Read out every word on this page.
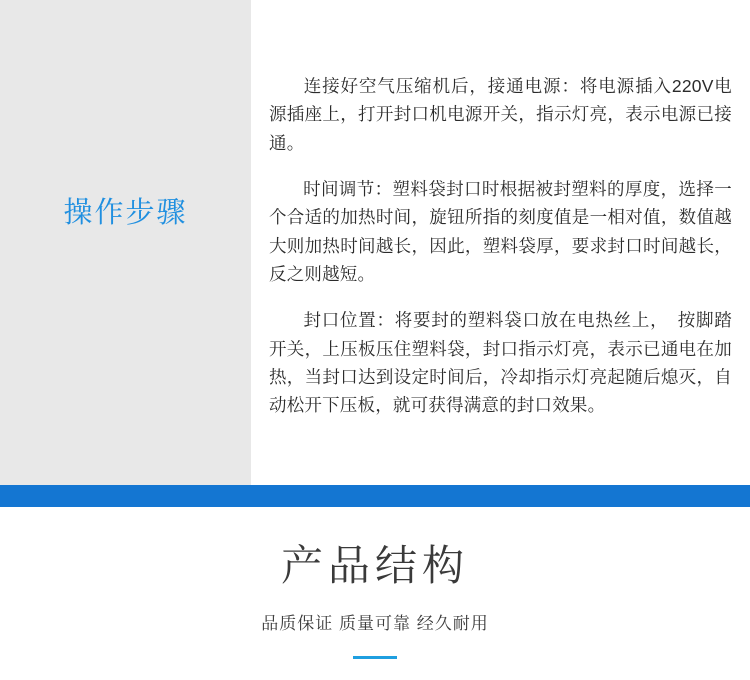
操作步骤

连接好空气压缩机后，接通电源：将电源插入220V电源插座上，打开封口机电源开关，指示灯亮，表示电源已接通。

时间调节：塑料袋封口时根据被封塑料的厚度，选择一个合适的加热时间，旋钮所指的刻度值是一相对值，数值越大则加热时间越长，因此，塑料袋厚，要求封口时间越长，反之则越短。

封口位置：将要封的塑料袋口放在电热丝上，　按脚踏开关，上压板压住塑料袋，封口指示灯亮，表示已通电在加热，当封口达到设定时间后，冷却指示灯亮起随后熄灭，自动松开下压板，就可获得满意的封口效果。

产品结构
品质保证 质量可靠 经久耐用
